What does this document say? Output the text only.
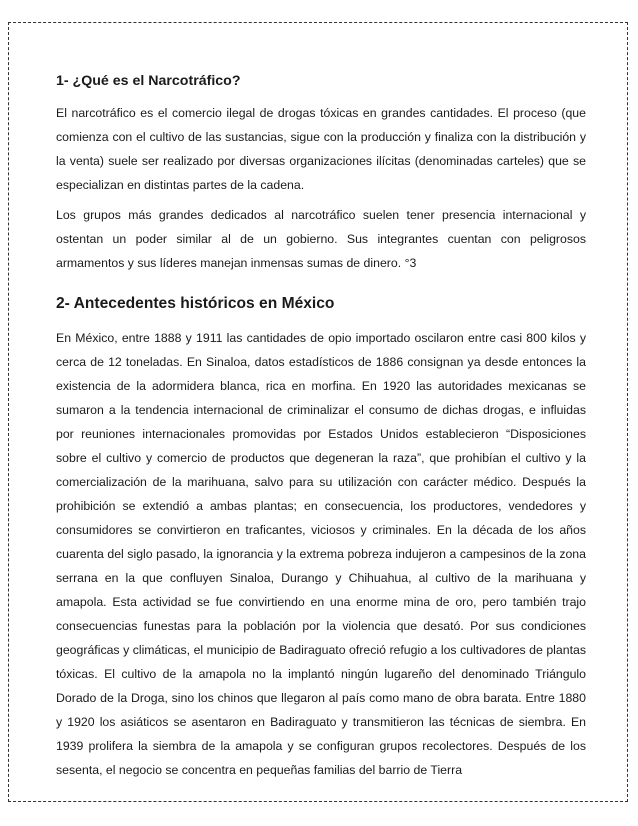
1- ¿Qué es el Narcotráfico?

El narcotráfico es el comercio ilegal de drogas tóxicas en grandes cantidades. El proceso (que comienza con el cultivo de las sustancias, sigue con la producción y finaliza con la distribución y la venta) suele ser realizado por diversas organizaciones ilícitas (denominadas carteles) que se especializan en distintas partes de la cadena.

Los grupos más grandes dedicados al narcotráfico suelen tener presencia internacional y ostentan un poder similar al de un gobierno. Sus integrantes cuentan con peligrosos armamentos y sus líderes manejan inmensas sumas de dinero. °3

2- Antecedentes históricos en México

En México, entre 1888 y 1911 las cantidades de opio importado oscilaron entre casi 800 kilos y cerca de 12 toneladas. En Sinaloa, datos estadísticos de 1886 consignan ya desde entonces la existencia de la adormidera blanca, rica en morfina. En 1920 las autoridades mexicanas se sumaron a la tendencia internacional de criminalizar el consumo de dichas drogas, e influidas por reuniones internacionales promovidas por Estados Unidos establecieron “Disposiciones sobre el cultivo y comercio de productos que degeneran la raza”, que prohibían el cultivo y la comercialización de la marihuana, salvo para su utilización con carácter médico. Después la prohibición se extendió a ambas plantas; en consecuencia, los productores, vendedores y consumidores se convirtieron en traficantes, viciosos y criminales. En la década de los años cuarenta del siglo pasado, la ignorancia y la extrema pobreza indujeron a campesinos de la zona serrana en la que confluyen Sinaloa, Durango y Chihuahua, al cultivo de la marihuana y amapola. Esta actividad se fue convirtiendo en una enorme mina de oro, pero también trajo consecuencias funestas para la población por la violencia que desató. Por sus condiciones geográficas y climáticas, el municipio de Badiraguato ofreció refugio a los cultivadores de plantas tóxicas. El cultivo de la amapola no la implantó ningún lugareño del denominado Triángulo Dorado de la Droga, sino los chinos que llegaron al país como mano de obra barata. Entre 1880 y 1920 los asiáticos se asentaron en Badiraguato y transmitieron las técnicas de siembra. En 1939 prolifera la siembra de la amapola y se configuran grupos recolectores. Después de los sesenta, el negocio se concentra en pequeñas familias del barrio de Tierra
